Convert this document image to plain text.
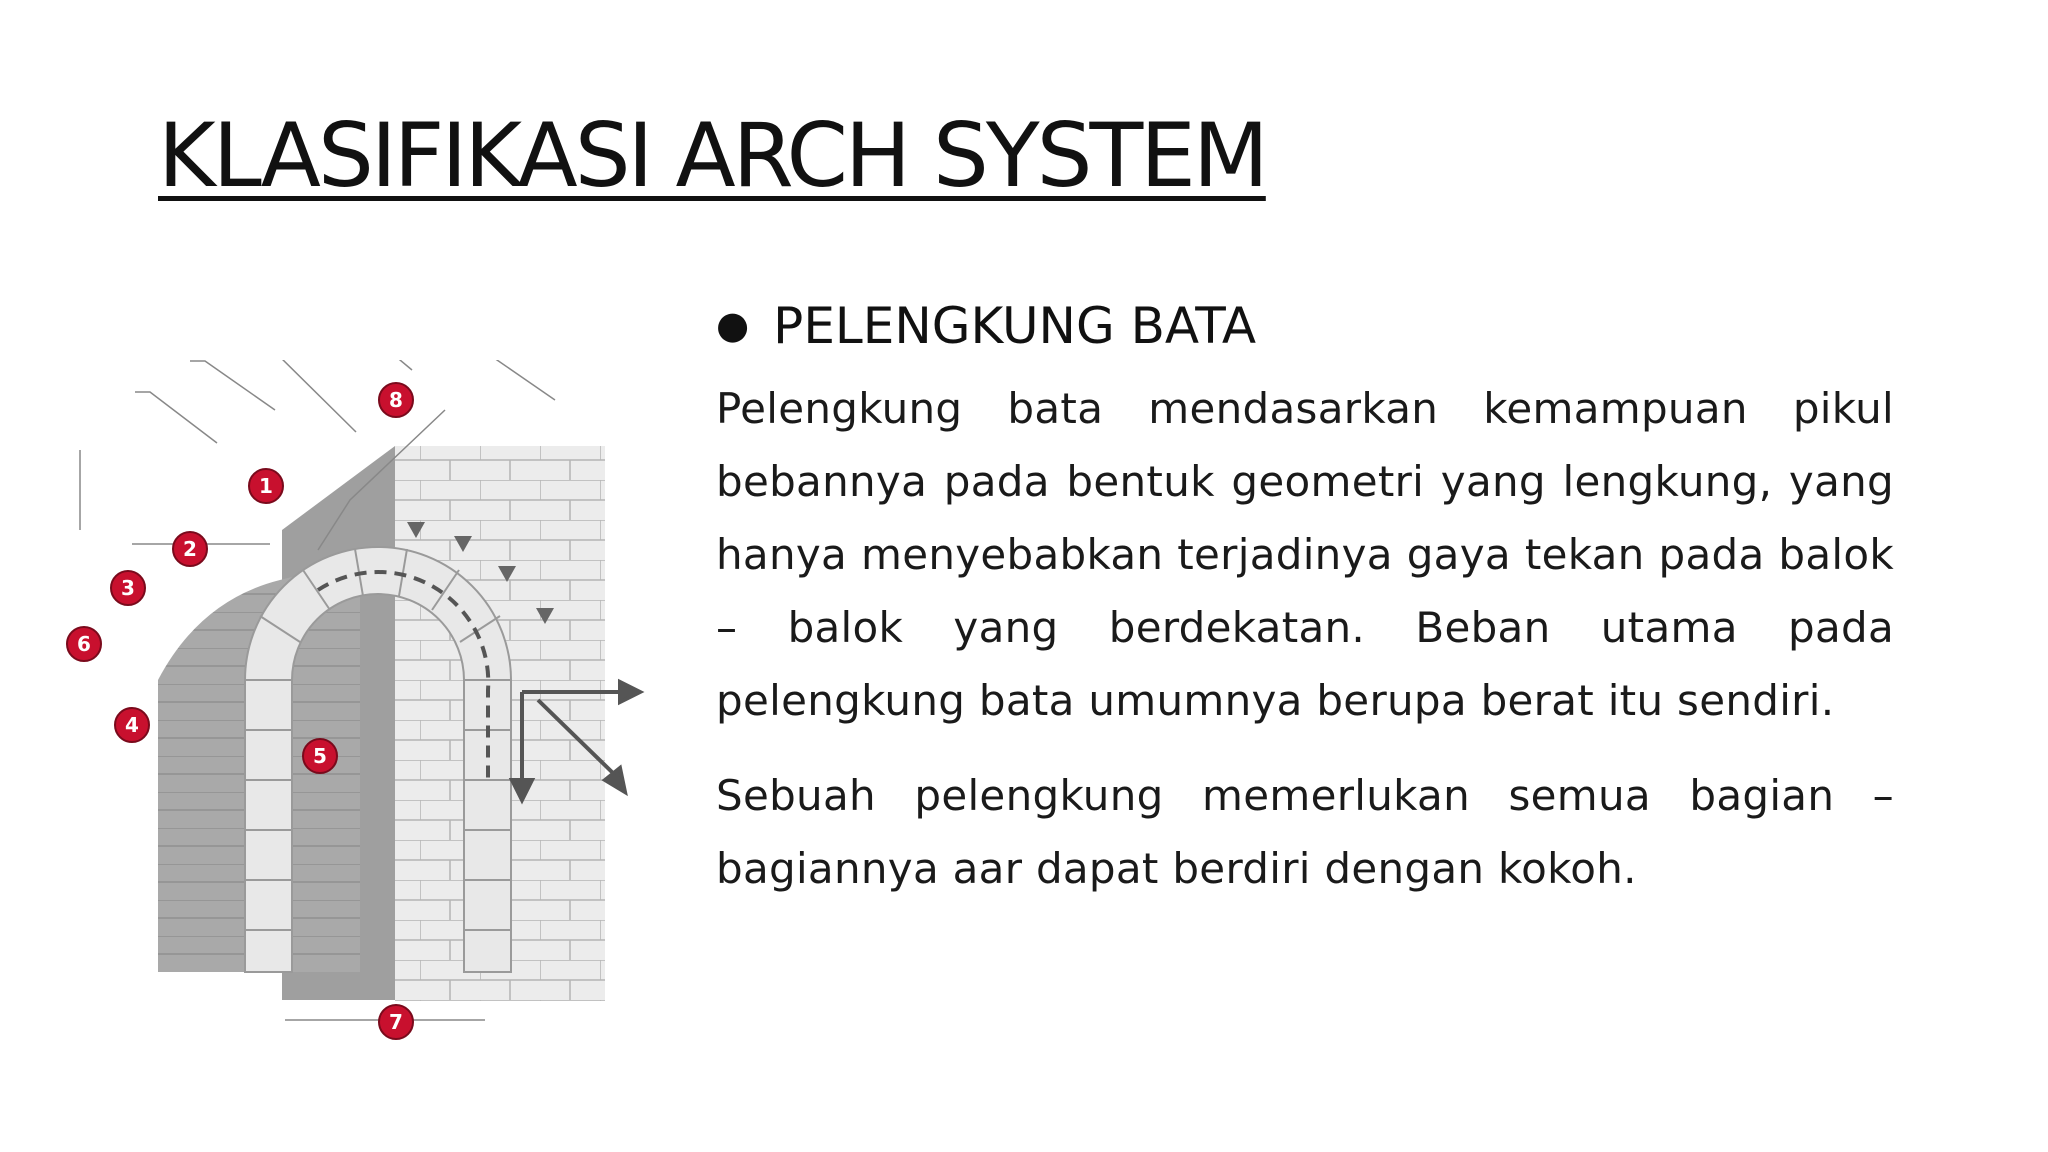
KLASIFIKASI ARCH SYSTEM
1
2
3
4
5
6
7
8
● PELENGKUNG BATA

Pelengkung bata mendasarkan kemampuan pikul bebannya pada bentuk geometri yang lengkung, yang hanya menyebabkan terjadinya gaya tekan pada balok – balok yang berdekatan. Beban utama pada pelengkung bata umumnya berupa berat itu sendiri.

Sebuah pelengkung memerlukan semua bagian – bagiannya aar dapat berdiri dengan kokoh.
